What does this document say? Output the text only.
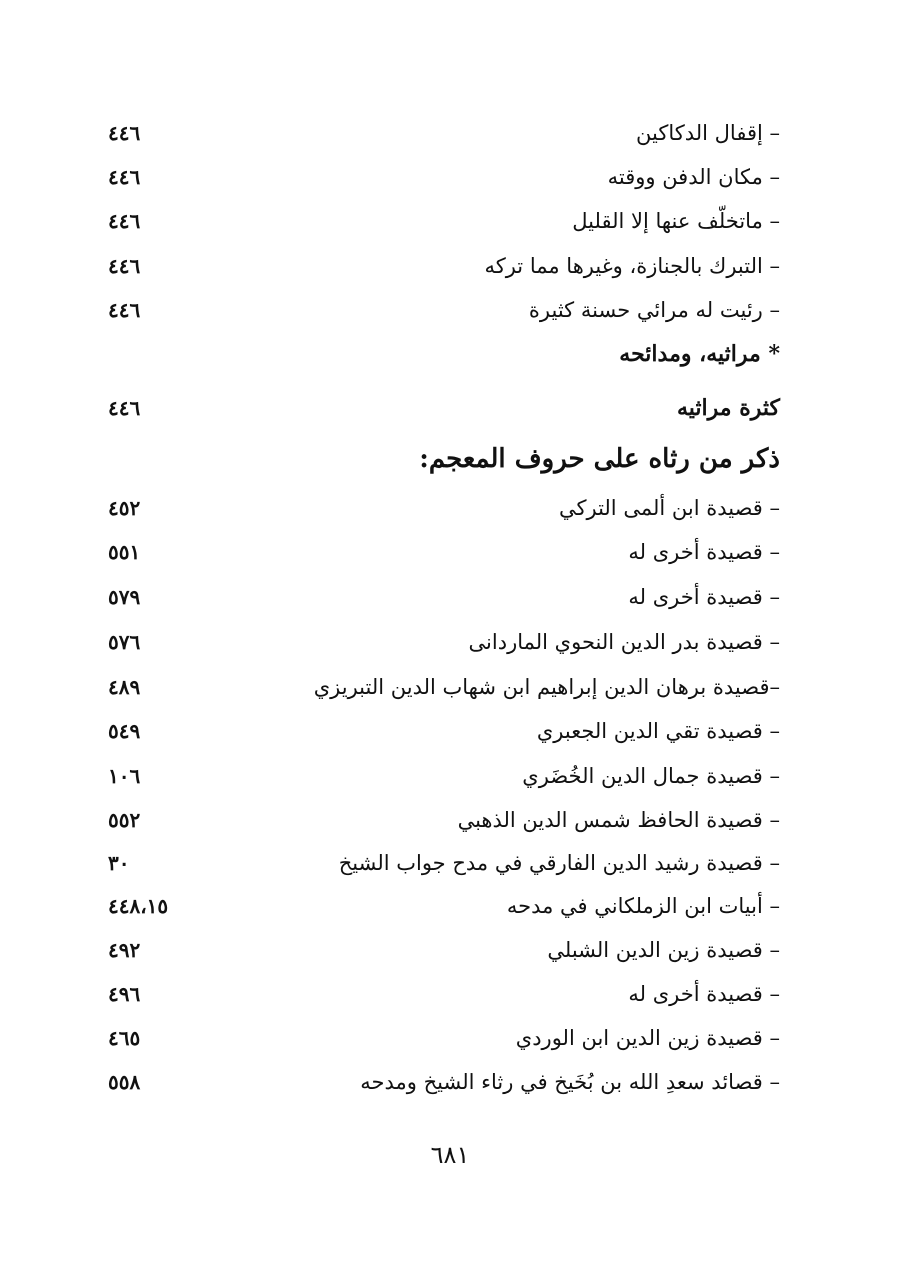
– إقفال الدكاكين
٤٤٦
– مكان الدفن ووقته
٤٤٦
– ماتخلّف عنها إلا القليل
٤٤٦
– التبرك بالجنازة، وغيرها مما تركه
٤٤٦
– رئيت له مرائي حسنة كثيرة
٤٤٦
* مراثيه، ومدائحه
كثرة مراثيه
٤٤٦
ذكر من رثاه على حروف المعجم:
– قصيدة ابن ألمى التركي
٤٥٢
– قصيدة أخرى له
٥٥١
– قصيدة أخرى له
٥٧٩
– قصيدة بدر الدين النحوي الماردانى
٥٧٦
–قصيدة برهان الدين إبراهيم ابن شهاب الدين التبريزي
٤٨٩
– قصيدة تقي الدين الجعبري
٥٤٩
– قصيدة جمال الدين الخُضَري
١٠٦
– قصيدة الحافظ شمس الدين الذهبي
٥٥٢
– قصيدة رشيد الدين الفارقي في مدح جواب الشيخ
٣٠
– أبيات ابن الزملكاني في مدحه
٤٤٨،١٥
– قصيدة زين الدين الشبلي
٤٩٢
– قصيدة أخرى له
٤٩٦
– قصيدة زين الدين ابن الوردي
٤٦٥
– قصائد سعدِ الله بن بُخَيخ في رثاء الشيخ ومدحه
٥٥٨
٦٨١
